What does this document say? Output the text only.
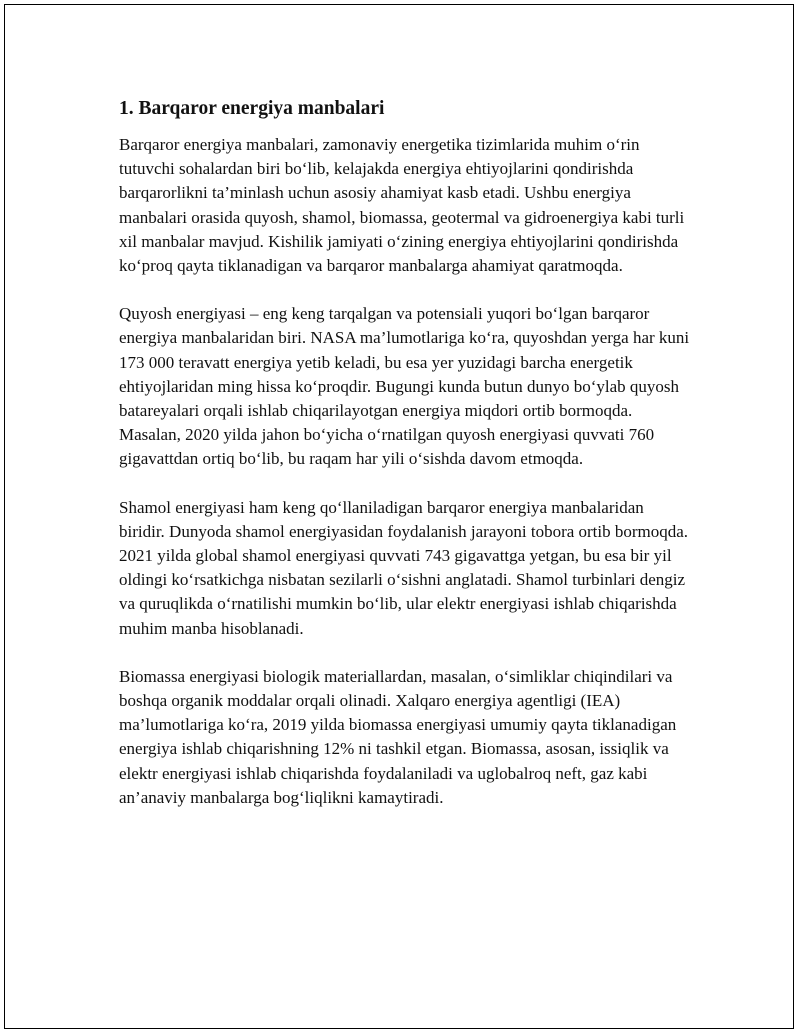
1. Barqaror energiya manbalari

Barqaror energiya manbalari, zamonaviy energetika tizimlarida muhim o‘rin tutuvchi sohalardan biri bo‘lib, kelajakda energiya ehtiyojlarini qondirishda barqarorlikni ta’minlash uchun asosiy ahamiyat kasb etadi. Ushbu energiya manbalari orasida quyosh, shamol, biomassa, geotermal va gidroenergiya kabi turli xil manbalar mavjud. Kishilik jamiyati o‘zining energiya ehtiyojlarini qondirishda ko‘proq qayta tiklanadigan va barqaror manbalarga ahamiyat qaratmoqda.

Quyosh energiyasi – eng keng tarqalgan va potensiali yuqori bo‘lgan barqaror energiya manbalaridan biri. NASA ma’lumotlariga ko‘ra, quyoshdan yerga har kuni 173 000 teravatt energiya yetib keladi, bu esa yer yuzidagi barcha energetik ehtiyojlaridan ming hissa ko‘proqdir. Bugungi kunda butun dunyo bo‘ylab quyosh batareyalari orqali ishlab chiqarilayotgan energiya miqdori ortib bormoqda. Masalan, 2020 yilda jahon bo‘yicha o‘rnatilgan quyosh energiyasi quvvati 760 gigavattdan ortiq bo‘lib, bu raqam har yili o‘sishda davom etmoqda.

Shamol energiyasi ham keng qo‘llaniladigan barqaror energiya manbalaridan biridir. Dunyoda shamol energiyasidan foydalanish jarayoni tobora ortib bormoqda. 2021 yilda global shamol energiyasi quvvati 743 gigavattga yetgan, bu esa bir yil oldingi ko‘rsatkichga nisbatan sezilarli o‘sishni anglatadi. Shamol turbinlari dengiz va quruqlikda o‘rnatilishi mumkin bo‘lib, ular elektr energiyasi ishlab chiqarishda muhim manba hisoblanadi.

Biomassa energiyasi biologik materiallardan, masalan, o‘simliklar chiqindilari va boshqa organik moddalar orqali olinadi. Xalqaro energiya agentligi (IEA) ma’lumotlariga ko‘ra, 2019 yilda biomassa energiyasi umumiy qayta tiklanadigan energiya ishlab chiqarishning 12% ni tashkil etgan. Biomassa, asosan, issiqlik va elektr energiyasi ishlab chiqarishda foydalaniladi va uglobalroq neft, gaz kabi an’anaviy manbalarga bog‘liqlikni kamaytiradi.
